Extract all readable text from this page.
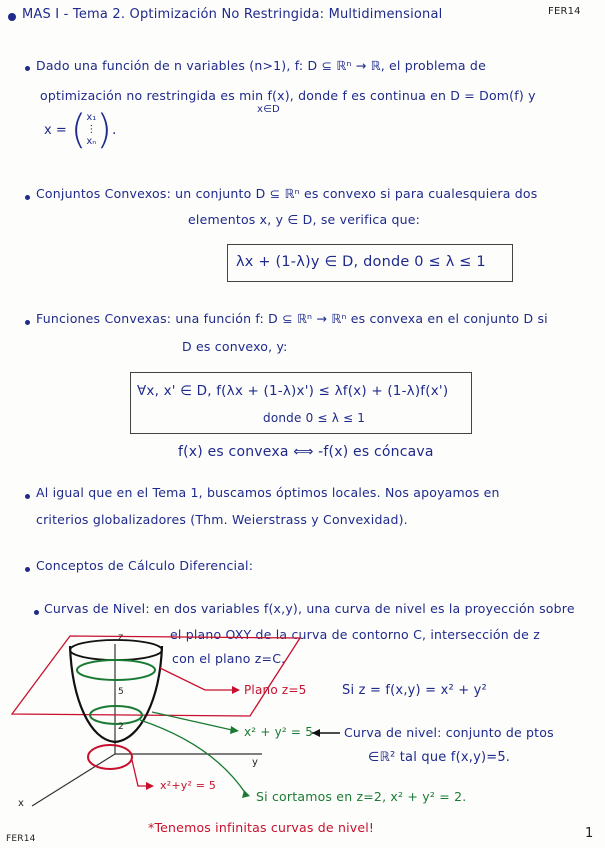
MAS I - Tema 2. Optimización No Restringida: Multidimensional	FER14
Dado una función de n variables (n>1), f: D ⊆ ℝⁿ → ℝ, el problema de
optimización no restringida es min f(x), donde f es continua en D = Dom(f) y
x∈D
x = ( x₁
⋮
xₙ ) .
Conjuntos Convexos: un conjunto D ⊆ ℝⁿ es convexo si para cualesquiera dos
elementos x, y ∈ D, se verifica que:
λx + (1-λ)y ∈ D, donde 0 ≤ λ ≤ 1
Funciones Convexas: una función f: D ⊆ ℝⁿ → ℝⁿ es convexa en el conjunto D si
D es convexo, y:
∀x, x' ∈ D, f(λx + (1-λ)x') ≤ λf(x) + (1-λ)f(x')
donde 0 ≤ λ ≤ 1
f(x) es convexa ⟺ -f(x) es cóncava
Al igual que en el Tema 1, buscamos óptimos locales. Nos apoyamos en
criterios globalizadores (Thm. Weierstrass y Convexidad).
Conceptos de Cálculo Diferencial:
Curvas de Nivel: en dos variables f(x,y), una curva de nivel es la proyección sobre
el plano OXY de la curva de contorno C, intersección de z
con el plano z=C.
z
x
y
5
2
Plano z=5	Si z = f(x,y) = x² + y²
x² + y² = 5 Curva de nivel: conjunto de ptos
∈ℝ² tal que f(x,y)=5.
x²+y² = 5
Si cortamos en z=2, x² + y² = 2.
*Tenemos infinitas curvas de nivel!
FER14	1
